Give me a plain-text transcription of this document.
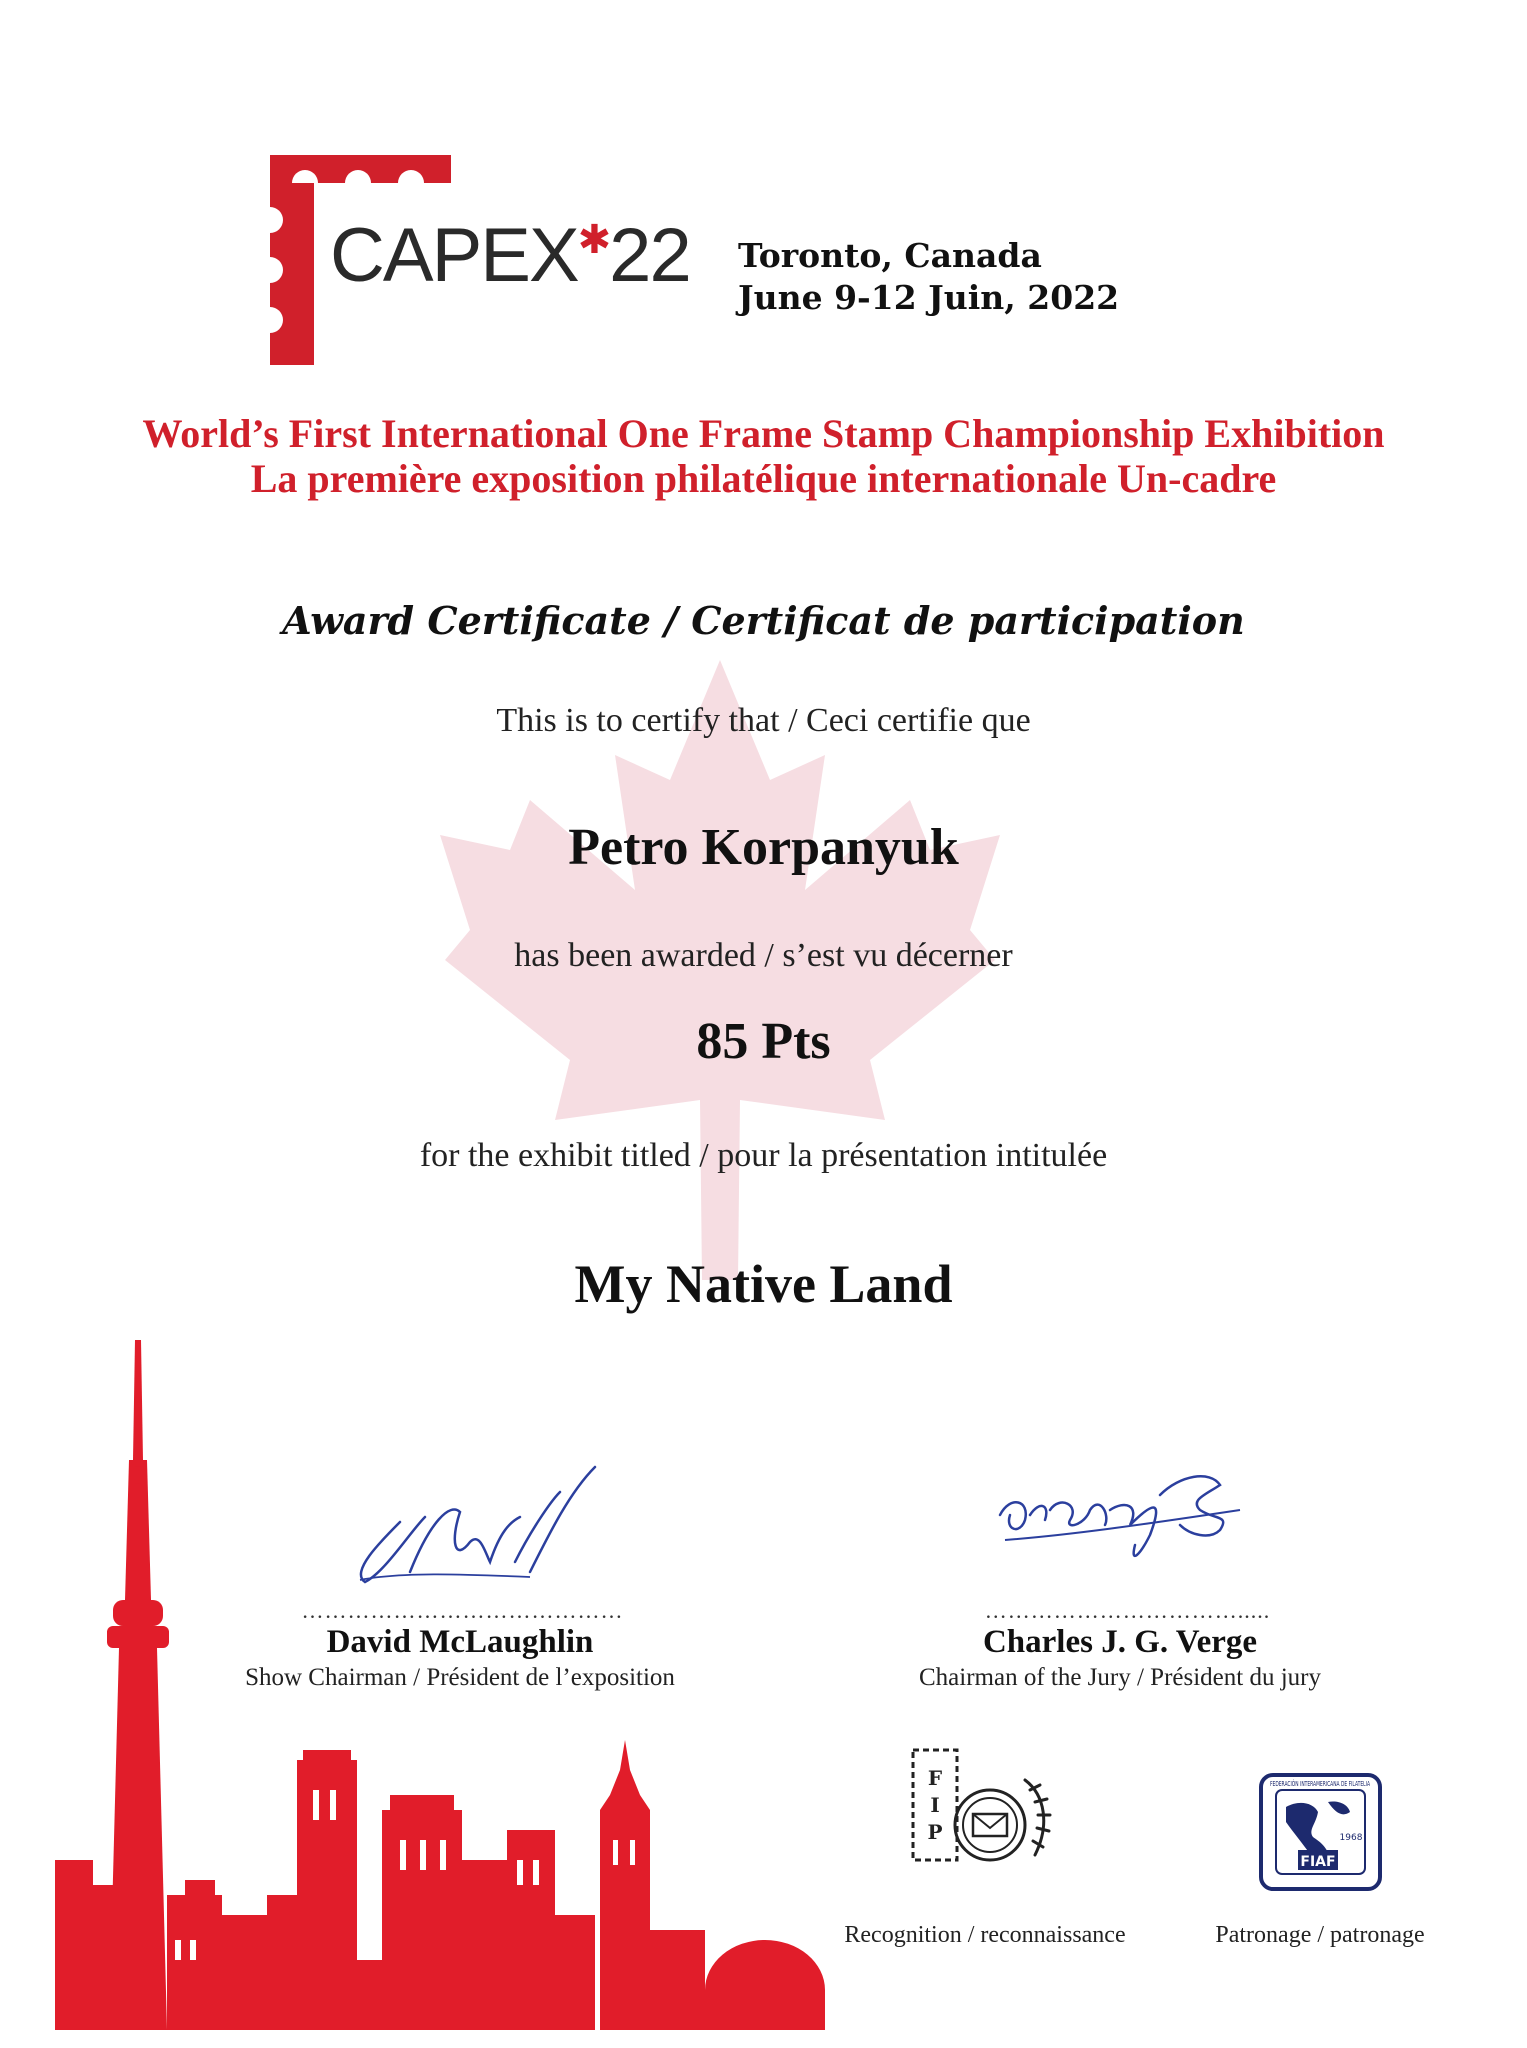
CAPEX✱22 Toronto, Canada
June 9-12 Juin, 2022
World’s First International One Frame Stamp Championship Exhibition
La première exposition philatélique internationale Un-cadre
Award Certificate / Certificat de participation
This is to certify that / Ceci certifie que
Petro Korpanyuk
has been awarded / s’est vu décerner
85 Pts
for the exhibit titled / pour la présentation intitulée
My Native Land
……………………………………
David McLaughlin
Show Chairman / Président de l’exposition
…………………………….....
Charles J. G. Verge
Chairman of the Jury / Président du jury
F
I
P	1968
FIAF
FEDERACIÓN INTERAMERICANA DE FILATELIA
Recognition / reconnaissance	Patronage / patronage
